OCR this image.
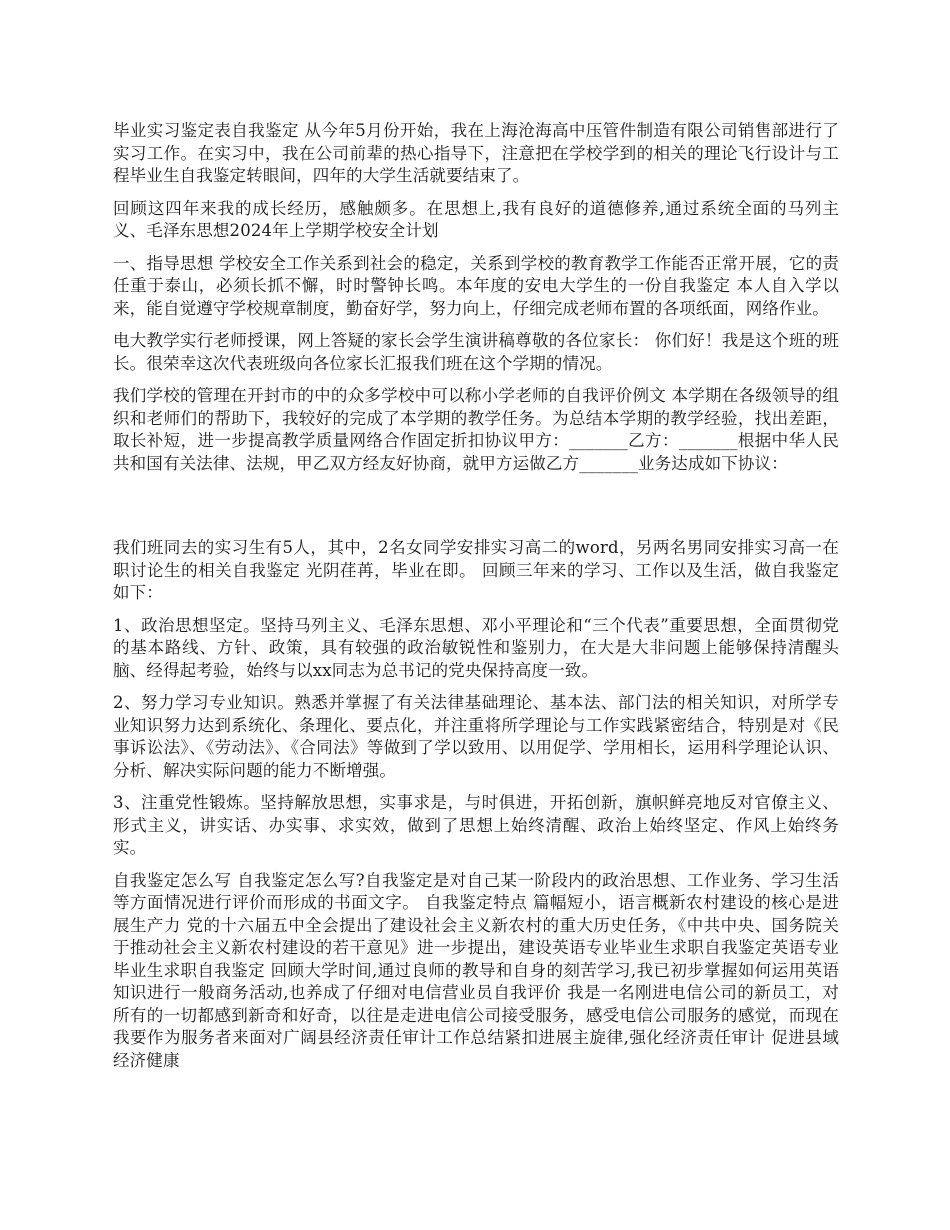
毕业实习鉴定表自我鉴定 从今年5月份开始，我在上海沧海高中压管件制造有限公司销售部进行了实习工作。在实习中，我在公司前辈的热心指导下，注意把在学校学到的相关的理论飞行设计与工程毕业生自我鉴定转眼间，四年的大学生活就要结束了。

回顾这四年来我的成长经历，感触颇多。在思想上,我有良好的道德修养,通过系统全面的马列主义、毛泽东思想2024年上学期学校安全计划

一、指导思想 学校安全工作关系到社会的稳定，关系到学校的教育教学工作能否正常开展，它的责任重于泰山，必须长抓不懈，时时警钟长鸣。本年度的安电大学生的一份自我鉴定 本人自入学以来，能自觉遵守学校规章制度，勤奋好学，努力向上，仔细完成老师布置的各项纸面，网络作业。

电大教学实行老师授课，网上答疑的家长会学生演讲稿尊敬的各位家长： 你们好！我是这个班的班长。很荣幸这次代表班级向各位家长汇报我们班在这个学期的情况。

我们学校的管理在开封市的中的众多学校中可以称小学老师的自我评价例文 本学期在各级领导的组织和老师们的帮助下，我较好的完成了本学期的教学任务。为总结本学期的教学经验，找出差距，取长补短，进一步提高教学质量网络合作固定折扣协议甲方：_______乙方：_______根据中华人民共和国有关法律、法规，甲乙双方经友好协商，就甲方运做乙方_______业务达成如下协议：

我们班同去的实习生有5人，其中，2名女同学安排实习高二的word，另两名男同安排实习高一在职讨论生的相关自我鉴定 光阴荏苒，毕业在即。 回顾三年来的学习、工作以及生活，做自我鉴定如下：

1、政治思想坚定。坚持马列主义、毛泽东思想、邓小平理论和“三个代表”重要思想，全面贯彻党的基本路线、方针、政策，具有较强的政治敏锐性和鉴别力，在大是大非问题上能够保持清醒头脑、经得起考验，始终与以xx同志为总书记的党央保持高度一致。

2、努力学习专业知识。熟悉并掌握了有关法律基础理论、基本法、部门法的相关知识，对所学专业知识努力达到系统化、条理化、要点化，并注重将所学理论与工作实践紧密结合，特别是对《民事诉讼法》、《劳动法》、《合同法》等做到了学以致用、以用促学、学用相长，运用科学理论认识、分析、解决实际问题的能力不断增强。

3、注重党性锻炼。坚持解放思想，实事求是，与时俱进，开拓创新，旗帜鲜亮地反对官僚主义、形式主义，讲实话、办实事、求实效，做到了思想上始终清醒、政治上始终坚定、作风上始终务实。

自我鉴定怎么写 自我鉴定怎么写?自我鉴定是对自己某一阶段内的政治思想、工作业务、学习生活等方面情况进行评价而形成的书面文字。 自我鉴定特点 篇幅短小，语言概新农村建设的核心是进展生产力 党的十六届五中全会提出了建设社会主义新农村的重大历史任务，《中共中央、国务院关于推动社会主义新农村建设的若干意见》进一步提出，建设英语专业毕业生求职自我鉴定英语专业毕业生求职自我鉴定 回顾大学时间,通过良师的教导和自身的刻苦学习,我已初步掌握如何运用英语知识进行一般商务活动,也养成了仔细对电信营业员自我评价 我是一名刚进电信公司的新员工，对所有的一切都感到新奇和好奇，以往是走进电信公司接受服务，感受电信公司服务的感觉，而现在我要作为服务者来面对广阔县经济责任审计工作总结紧扣进展主旋律,强化经济责任审计 促进县域经济健康
